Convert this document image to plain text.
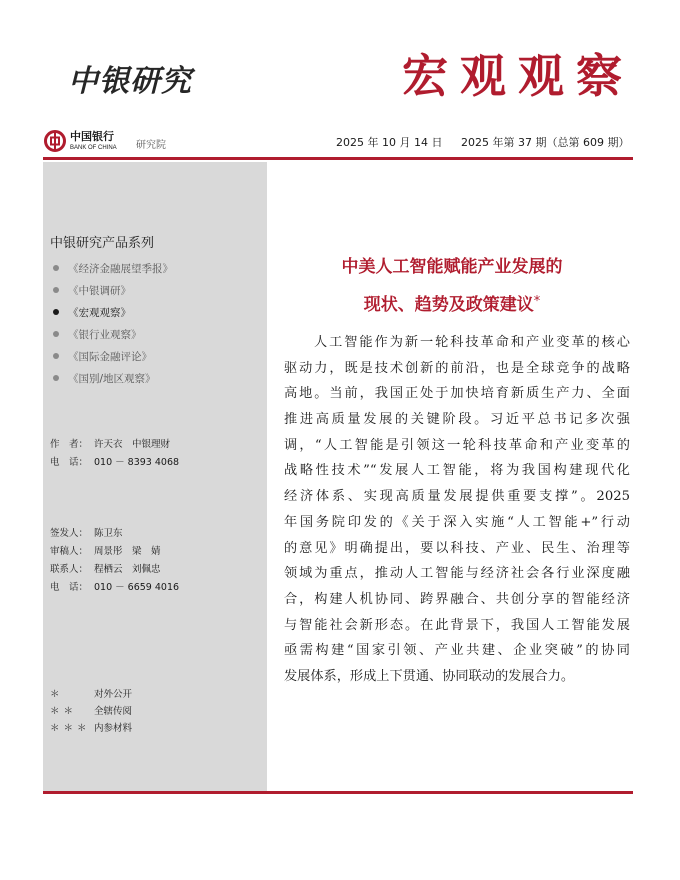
中银研究	宏观观察
中国银行
BANK OF CHINA 研究院	2025 年 10 月 14 日 2025 年第 37 期（总第 609 期）
中银研究产品系列
《经济金融展望季报》
《中银调研》
《宏观观察》
《银行业观察》
《国际金融评论》
《国别/地区观察》
作　者： 许天衣　中银理财
电　话： 010 － 8393 4068
签发人： 陈卫东
审稿人： 周景彤　梁　婧
联系人： 程栖云　刘佩忠
电　话： 010 － 6659 4016
＊	对外公开
＊＊	全辖传阅
＊＊＊ 内参材料
中美人工智能赋能产业发展的
现状、趋势及政策建议*
人工智能作为新一轮科技革命和产业变革的核心
驱动力，既是技术创新的前沿，也是全球竞争的战略
高地。当前，我国正处于加快培育新质生产力、全面
推进高质量发展的关键阶段。习近平总书记多次强
调，“人工智能是引领这一轮科技革命和产业变革的
战略性技术”“发展人工智能，将为我国构建现代化
经济体系、实现高质量发展提供重要支撑”。2025
年国务院印发的《关于深入实施“人工智能+”行动
的意见》明确提出，要以科技、产业、民生、治理等
领域为重点，推动人工智能与经济社会各行业深度融
合，构建人机协同、跨界融合、共创分享的智能经济
与智能社会新形态。在此背景下，我国人工智能发展
亟需构建“国家引领、产业共建、企业突破”的协同
发展体系，形成上下贯通、协同联动的发展合力。
